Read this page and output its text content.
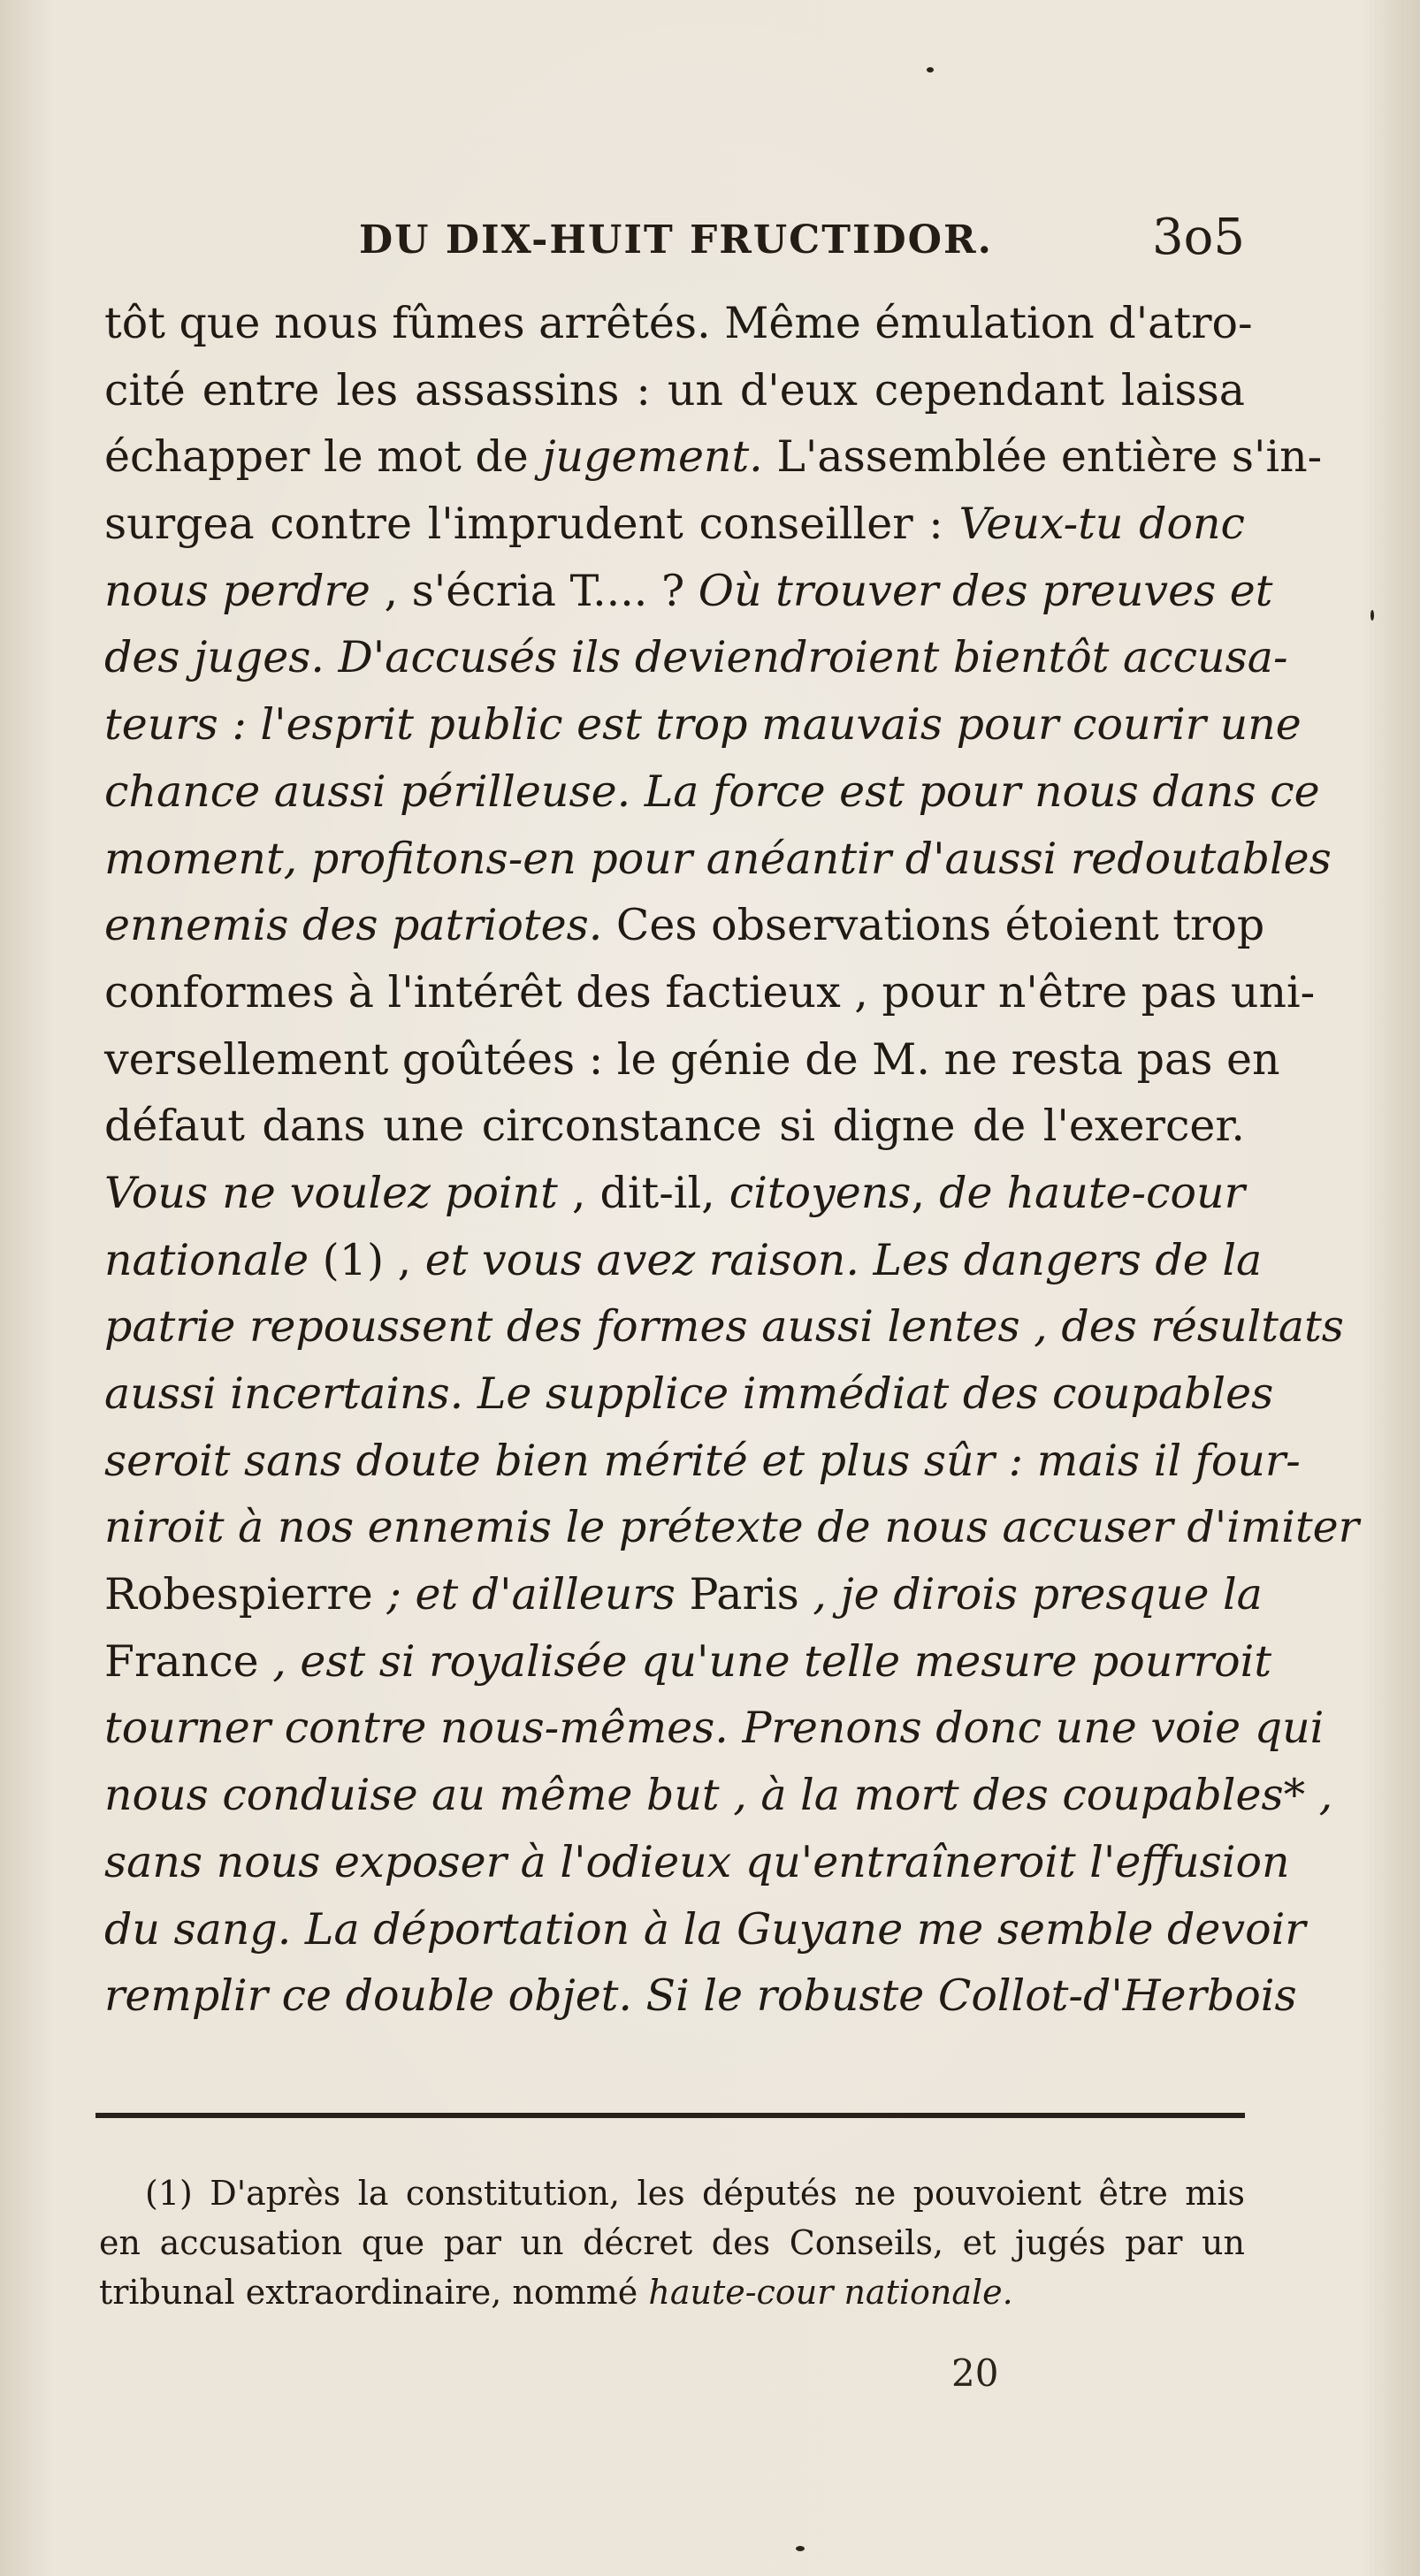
DU DIX-HUIT FRUCTIDOR.	3o5
tôt que nous fûmes arrêtés. Même émulation d'atro-
cité entre les assassins : un d'eux cependant laissa
échapper le mot de jugement. L'assemblée entière s'in-
surgea contre l'imprudent conseiller : Veux-tu donc
nous perdre , s'écria T.... ? Où trouver des preuves et
des juges. D'accusés ils deviendroient bientôt accusa-
teurs : l'esprit public est trop mauvais pour courir une
chance aussi périlleuse. La force est pour nous dans ce
moment, profitons-en pour anéantir d'aussi redoutables
ennemis des patriotes. Ces observations étoient trop
conformes à l'intérêt des factieux , pour n'être pas uni-
versellement goûtées : le génie de M. ne resta pas en
défaut dans une circonstance si digne de l'exercer.
Vous ne voulez point , dit-il, citoyens, de haute-cour
nationale (1) , et vous avez raison. Les dangers de la
patrie repoussent des formes aussi lentes , des résultats
aussi incertains. Le supplice immédiat des coupables
seroit sans doute bien mérité et plus sûr : mais il four-
niroit à nos ennemis le prétexte de nous accuser d'imiter
Robespierre ; et d'ailleurs Paris , je dirois presque la
France , est si royalisée qu'une telle mesure pourroit
tourner contre nous-mêmes. Prenons donc une voie qui
nous conduise au même but , à la mort des coupables* ,
sans nous exposer à l'odieux qu'entraîneroit l'effusion
du sang. La déportation à la Guyane me semble devoir
remplir ce double objet. Si le robuste Collot-d'Herbois
(1) D'après la constitution, les députés ne pouvoient être mis
en accusation que par un décret des Conseils, et jugés par un
tribunal extraordinaire, nommé haute-cour nationale.
20
